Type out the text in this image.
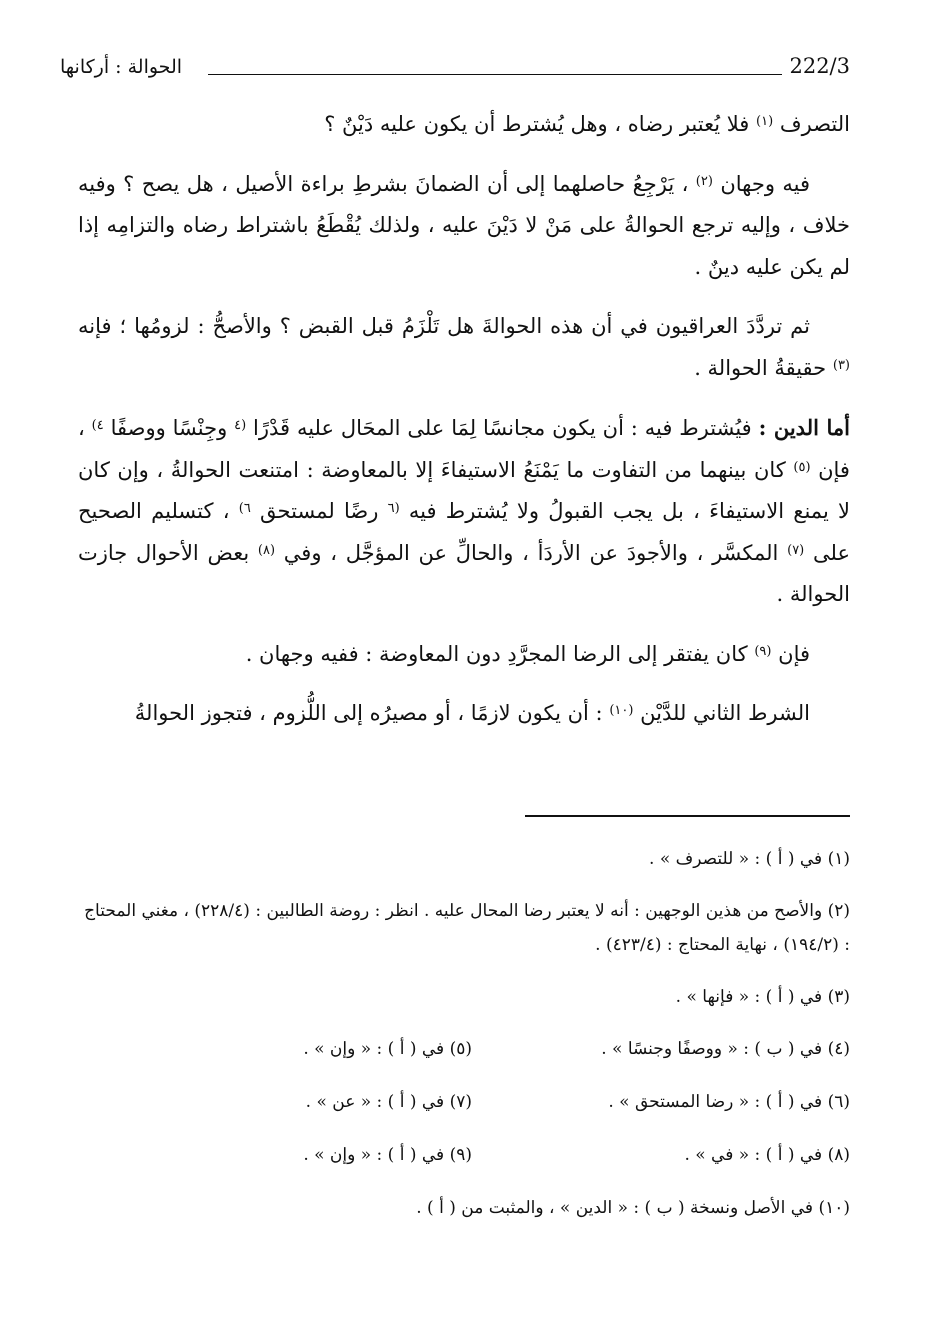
222/3
الحوالة : أركانها

التصرف $^{(١)}$ فلا يُعتبر رضاه ، وهل يُشترط أن يكون عليه دَيْنٌ ؟

فيه وجهان $^{(٢)}$ ، يَرْجِعُ حاصلهما إلى أن الضمانَ بشرطِ براءة الأصيل ، هل يصح ؟ وفيه خلاف ، وإليه ترجع الحوالةُ على مَنْ لا دَيْنَ عليه ، ولذلك يُقْطَعُ باشتراط رضاه والتزامِه إذا لم يكن عليه دينٌ .

ثم تردَّدَ العراقيون في أن هذه الحوالةَ هل تَلْزَمُ قبل القبض ؟ والأصحُّ : لزومُها ؛ فإنه $^{(٣)}$ حقيقةُ الحوالة .

أما الدين : فيُشترط فيه : أن يكون مجانسًا لِمَا على المحَال عليه قَدْرًا $^{(٤}$ وجِنْسًا ووصفًا $^{٤)}$ ، فإن $^{(٥)}$ كان بينهما من التفاوت ما يَمْنَعُ الاستيفاءَ إلا بالمعاوضة : امتنعت الحوالةُ ، وإن كان لا يمنع الاستيفاءَ ، بل يجب القبولُ ولا يُشترط فيه $^{(٦}$ رضًا لمستحق $^{٦)}$ ، كتسليم الصحيح على $^{(٧)}$ المكسَّر ، والأجودَ عن الأردَأ ، والحالِّ عن المؤجَّل ، وفي $^{(٨)}$ بعض الأحوال جازت الحوالة .

فإن $^{(٩)}$ كان يفتقر إلى الرضا المجرَّدِ دون المعاوضة : ففيه وجهان .

الشرط الثاني للدَّيْن $^{(١٠)}$ : أن يكون لازمًا ، أو مصيرُه إلى اللُّزوم ، فتجوز الحوالةُ

(١) في ( أ ) : « للتصرف » .
(٢) والأصح من هذين الوجهين : أنه لا يعتبر رضا المحال عليه . انظر : روضة الطالبين : (٢٢٨/٤) ، مغني المحتاج : (١٩٤/٢) ، نهاية المحتاج : (٤٢٣/٤) .
(٣) في ( أ ) : « فإنها » .
(٤) في ( ب ) : « ووصفًا وجنسًا » .
(٥) في ( أ ) : « وإن » .
(٦) في ( أ ) : « رضا المستحق » .
(٧) في ( أ ) : « عن » .
(٨) في ( أ ) : « في » .
(٩) في ( أ ) : « وإن » .
(١٠) في الأصل ونسخة ( ب ) : « الدين » ، والمثبت من ( أ ) .
